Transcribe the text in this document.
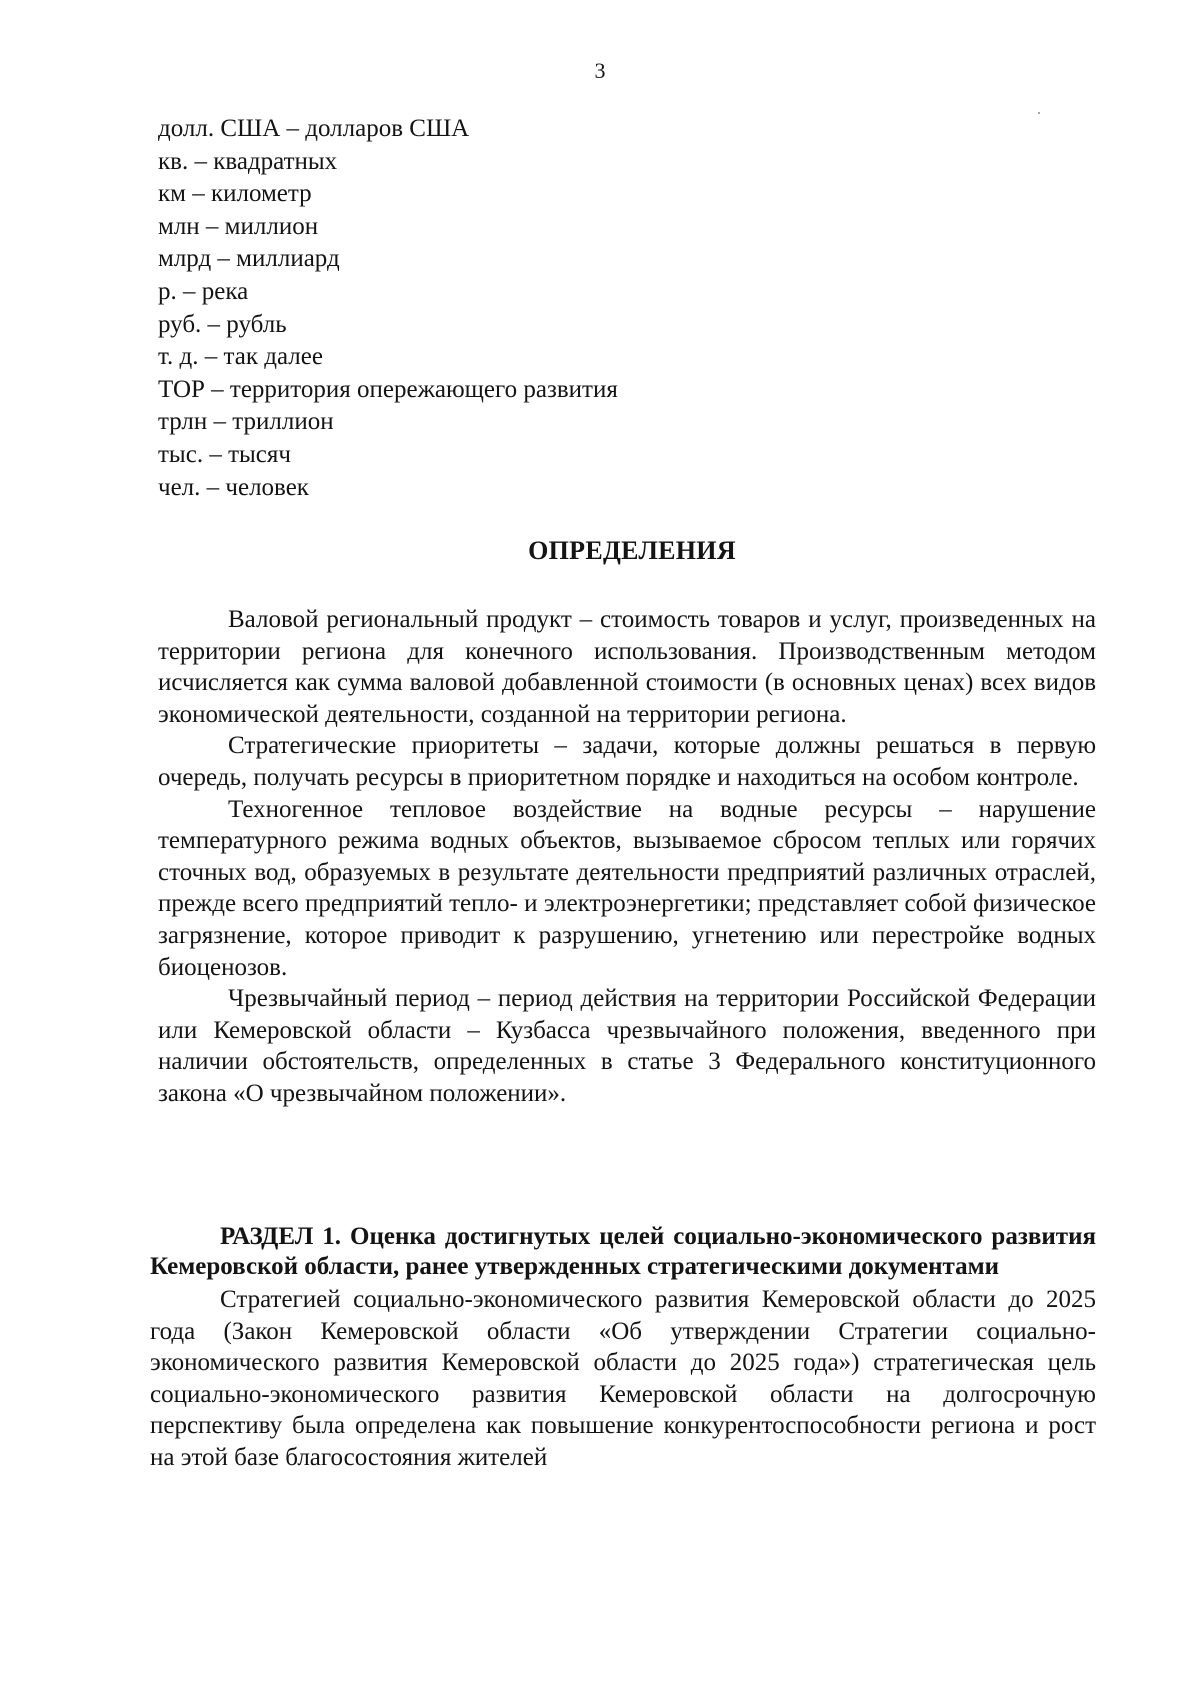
3
долл. США – долларов США
кв. – квадратных
км – километр
млн – миллион
млрд – миллиард
р. – река
руб. – рубль
т. д. – так далее
ТОР – территория опережающего развития
трлн – триллион
тыс. – тысяч
чел. – человек
ОПРЕДЕЛЕНИЯ

Валовой региональный продукт – стоимость товаров и услуг, произведенных на территории региона для конечного использования. Производственным методом исчисляется как сумма валовой добавленной стоимости (в основных ценах) всех видов экономической деятельности, созданной на территории региона.

Стратегические приоритеты – задачи, которые должны решаться в первую очередь, получать ресурсы в приоритетном порядке и находиться на особом контроле.

Техногенное тепловое воздействие на водные ресурсы – нарушение температурного режима водных объектов, вызываемое сбросом теплых или горячих сточных вод, образуемых в результате деятельности предприятий различных отраслей, прежде всего предприятий тепло- и электроэнергетики; представляет собой физическое загрязнение, которое приводит к разрушению, угнетению или перестройке водных биоценозов.

Чрезвычайный период – период действия на территории Российской Федерации или Кемеровской области – Кузбасса чрезвычайного положения, введенного при наличии обстоятельств, определенных в статье 3 Федерального конституционного закона «О чрезвычайном положении».

РАЗДЕЛ 1. Оценка достигнутых целей социально-экономического развития Кемеровской области, ранее утвержденных стратегическими документами

Стратегией социально-экономического развития Кемеровской области до 2025 года (Закон Кемеровской области «Об утверждении Стратегии социально-экономического развития Кемеровской области до 2025 года») стратегическая цель социально-экономического развития Кемеровской области на долгосрочную перспективу была определена как повышение конкурентоспособности региона и рост на этой базе благосостояния жителей
